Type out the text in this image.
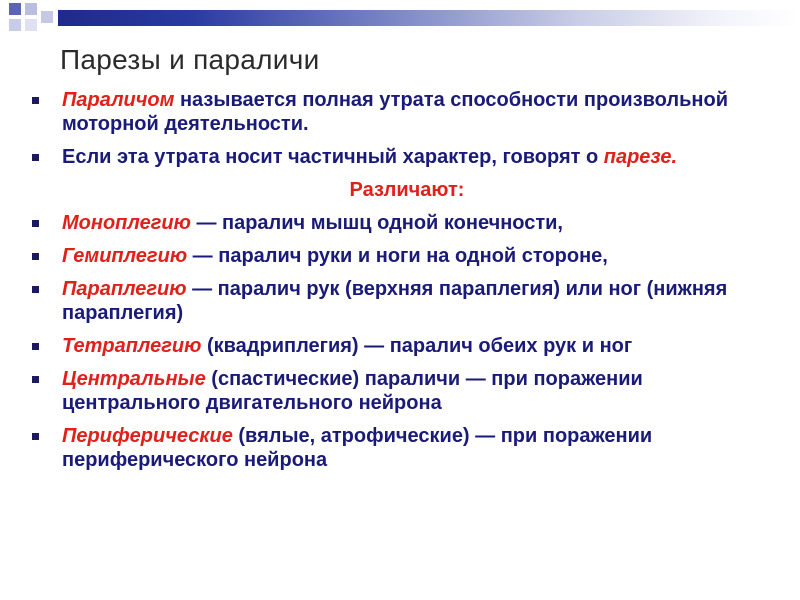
Парезы и параличи
Параличом называется полная утрата способности произвольной моторной деятельности.
Если эта утрата носит частичный характер, говорят о парезе.
Различают:
Моноплегию — паралич мышц одной конечности,
Гемиплегию — паралич руки и ноги на одной стороне,
Параплегию — паралич рук (верхняя параплегия) или ног (нижняя параплегия)
Тетраплегию (квадриплегия) — паралич обеих рук и ног
Центральные (спастические) параличи — при поражении центрального двигательного нейрона
Периферические (вялые, атрофические) — при поражении периферического нейрона
